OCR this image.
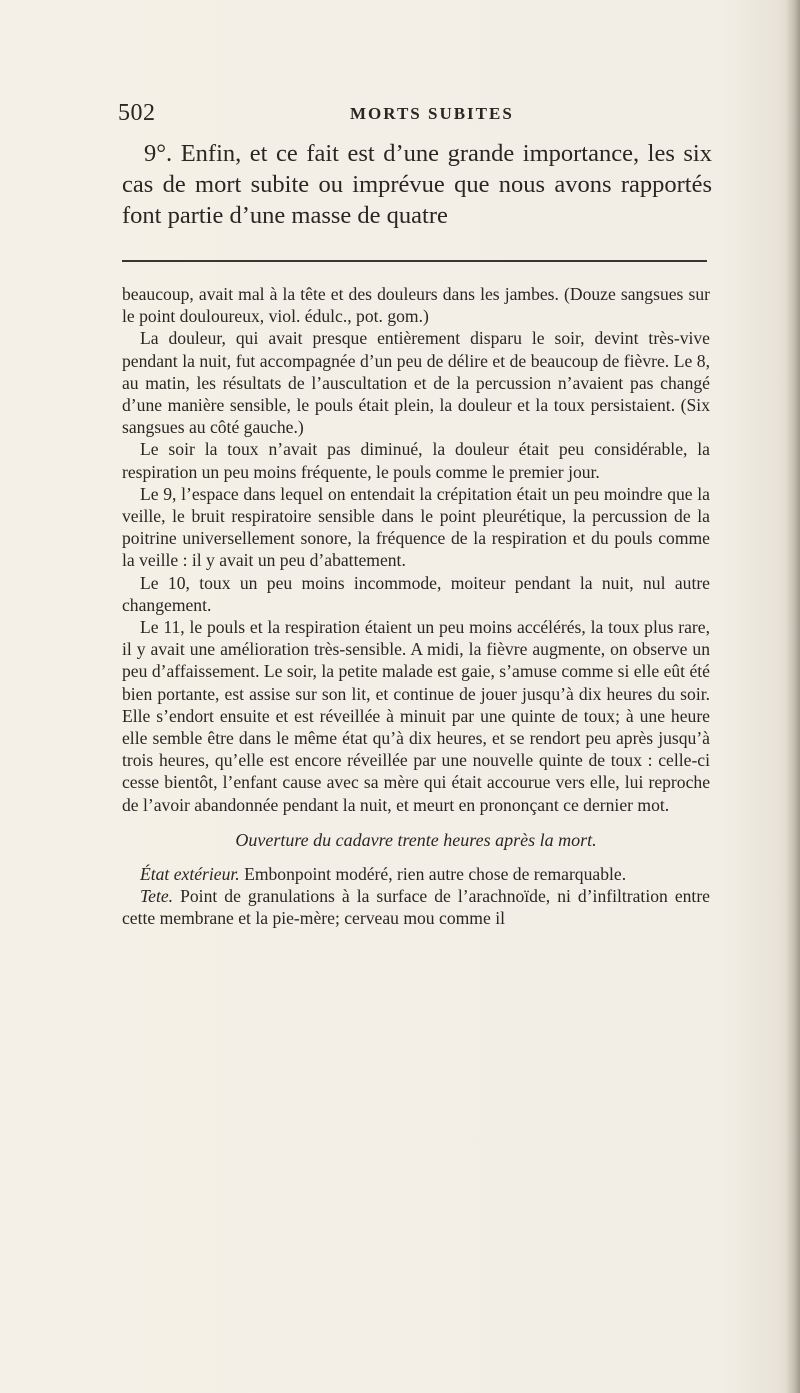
502	MORTS SUBITES

9°. Enfin, et ce fait est d’une grande importance, les six cas de mort subite ou imprévue que nous avons rapportés font partie d’une masse de quatre

beaucoup, avait mal à la tête et des douleurs dans les jambes. (Douze sangsues sur le point douloureux, viol. édulc., pot. gom.)

La douleur, qui avait presque entièrement disparu le soir, devint très-vive pendant la nuit, fut accompagnée d’un peu de délire et de beaucoup de fièvre. Le 8, au matin, les résultats de l’auscultation et de la percussion n’avaient pas changé d’une manière sensible, le pouls était plein, la douleur et la toux persistaient. (Six sangsues au côté gauche.)

Le soir la toux n’avait pas diminué, la douleur était peu considérable, la respiration un peu moins fréquente, le pouls comme le premier jour.

Le 9, l’espace dans lequel on entendait la crépitation était un peu moindre que la veille, le bruit respiratoire sensible dans le point pleurétique, la percussion de la poitrine universellement sonore, la fréquence de la respiration et du pouls comme la veille : il y avait un peu d’abattement.

Le 10, toux un peu moins incommode, moiteur pendant la nuit, nul autre changement.

Le 11, le pouls et la respiration étaient un peu moins accélérés, la toux plus rare, il y avait une amélioration très-sensible. A midi, la fièvre augmente, on observe un peu d’affaissement. Le soir, la petite malade est gaie, s’amuse comme si elle eût été bien portante, est assise sur son lit, et continue de jouer jusqu’à dix heures du soir. Elle s’endort ensuite et est réveillée à minuit par une quinte de toux; à une heure elle semble être dans le même état qu’à dix heures, et se rendort peu après jusqu’à trois heures, qu’elle est encore réveillée par une nouvelle quinte de toux : celle-ci cesse bientôt, l’enfant cause avec sa mère qui était accourue vers elle, lui reproche de l’avoir abandonnée pendant la nuit, et meurt en prononçant ce dernier mot.

Ouverture du cadavre trente heures après la mort.

État extérieur. Embonpoint modéré, rien autre chose de remarquable.

Tete. Point de granulations à la surface de l’arachnoïde, ni d’infiltration entre cette membrane et la pie-mère; cerveau mou comme il
